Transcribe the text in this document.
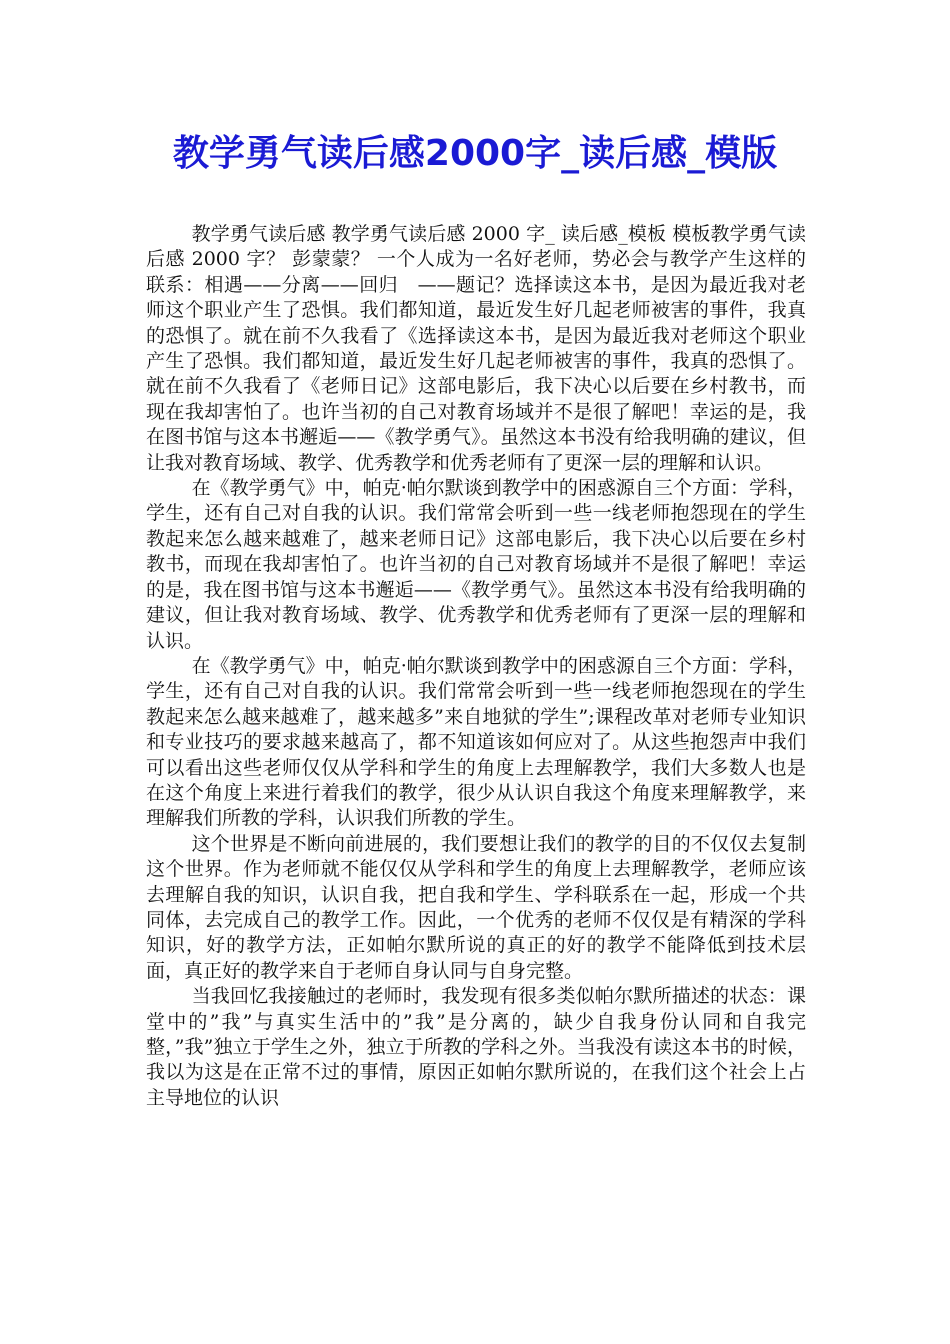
教学勇气读后感2000字_读后感_模版

教学勇气读后感 教学勇气读后感 2000 字_ 读后感_模板 模板教学勇气读后感 2000 字？ 彭蒙蒙？ 一个人成为一名好老师，势必会与教学产生这样的联系：相遇——分离——回归　——题记？选择读这本书，是因为最近我对老师这个职业产生了恐惧。我们都知道，最近发生好几起老师被害的事件，我真的恐惧了。就在前不久我看了《选择读这本书，是因为最近我对老师这个职业产生了恐惧。我们都知道，最近发生好几起老师被害的事件，我真的恐惧了。就在前不久我看了《老师日记》这部电影后，我下决心以后要在乡村教书，而现在我却害怕了。也许当初的自己对教育场域并不是很了解吧！幸运的是，我在图书馆与这本书邂逅——《教学勇气》。虽然这本书没有给我明确的建议，但让我对教育场域、教学、优秀教学和优秀老师有了更深一层的理解和认识。

在《教学勇气》中，帕克·帕尔默谈到教学中的困惑源自三个方面：学科，学生，还有自己对自我的认识。我们常常会听到一些一线老师抱怨现在的学生教起来怎么越来越难了，越来老师日记》这部电影后，我下决心以后要在乡村教书，而现在我却害怕了。也许当初的自己对教育场域并不是很了解吧！幸运的是，我在图书馆与这本书邂逅——《教学勇气》。虽然这本书没有给我明确的建议，但让我对教育场域、教学、优秀教学和优秀老师有了更深一层的理解和认识。

在《教学勇气》中，帕克·帕尔默谈到教学中的困惑源自三个方面：学科，学生，还有自己对自我的认识。我们常常会听到一些一线老师抱怨现在的学生教起来怎么越来越难了，越来越多”来自地狱的学生”;课程改革对老师专业知识和专业技巧的要求越来越高了，都不知道该如何应对了。从这些抱怨声中我们可以看出这些老师仅仅从学科和学生的角度上去理解教学，我们大多数人也是在这个角度上来进行着我们的教学，很少从认识自我这个角度来理解教学，来理解我们所教的学科，认识我们所教的学生。

这个世界是不断向前进展的，我们要想让我们的教学的目的不仅仅去复制这个世界。作为老师就不能仅仅从学科和学生的角度上去理解教学，老师应该去理解自我的知识，认识自我，把自我和学生、学科联系在一起，形成一个共同体，去完成自己的教学工作。因此，一个优秀的老师不仅仅是有精深的学科知识，好的教学方法，正如帕尔默所说的真正的好的教学不能降低到技术层面，真正好的教学来自于老师自身认同与自身完整。

当我回忆我接触过的老师时，我发现有很多类似帕尔默所描述的状态：课堂中的”我”与真实生活中的”我”是分离的，缺少自我身份认同和自我完整，”我”独立于学生之外，独立于所教的学科之外。当我没有读这本书的时候，我以为这是在正常不过的事情，原因正如帕尔默所说的，在我们这个社会上占主导地位的认识
